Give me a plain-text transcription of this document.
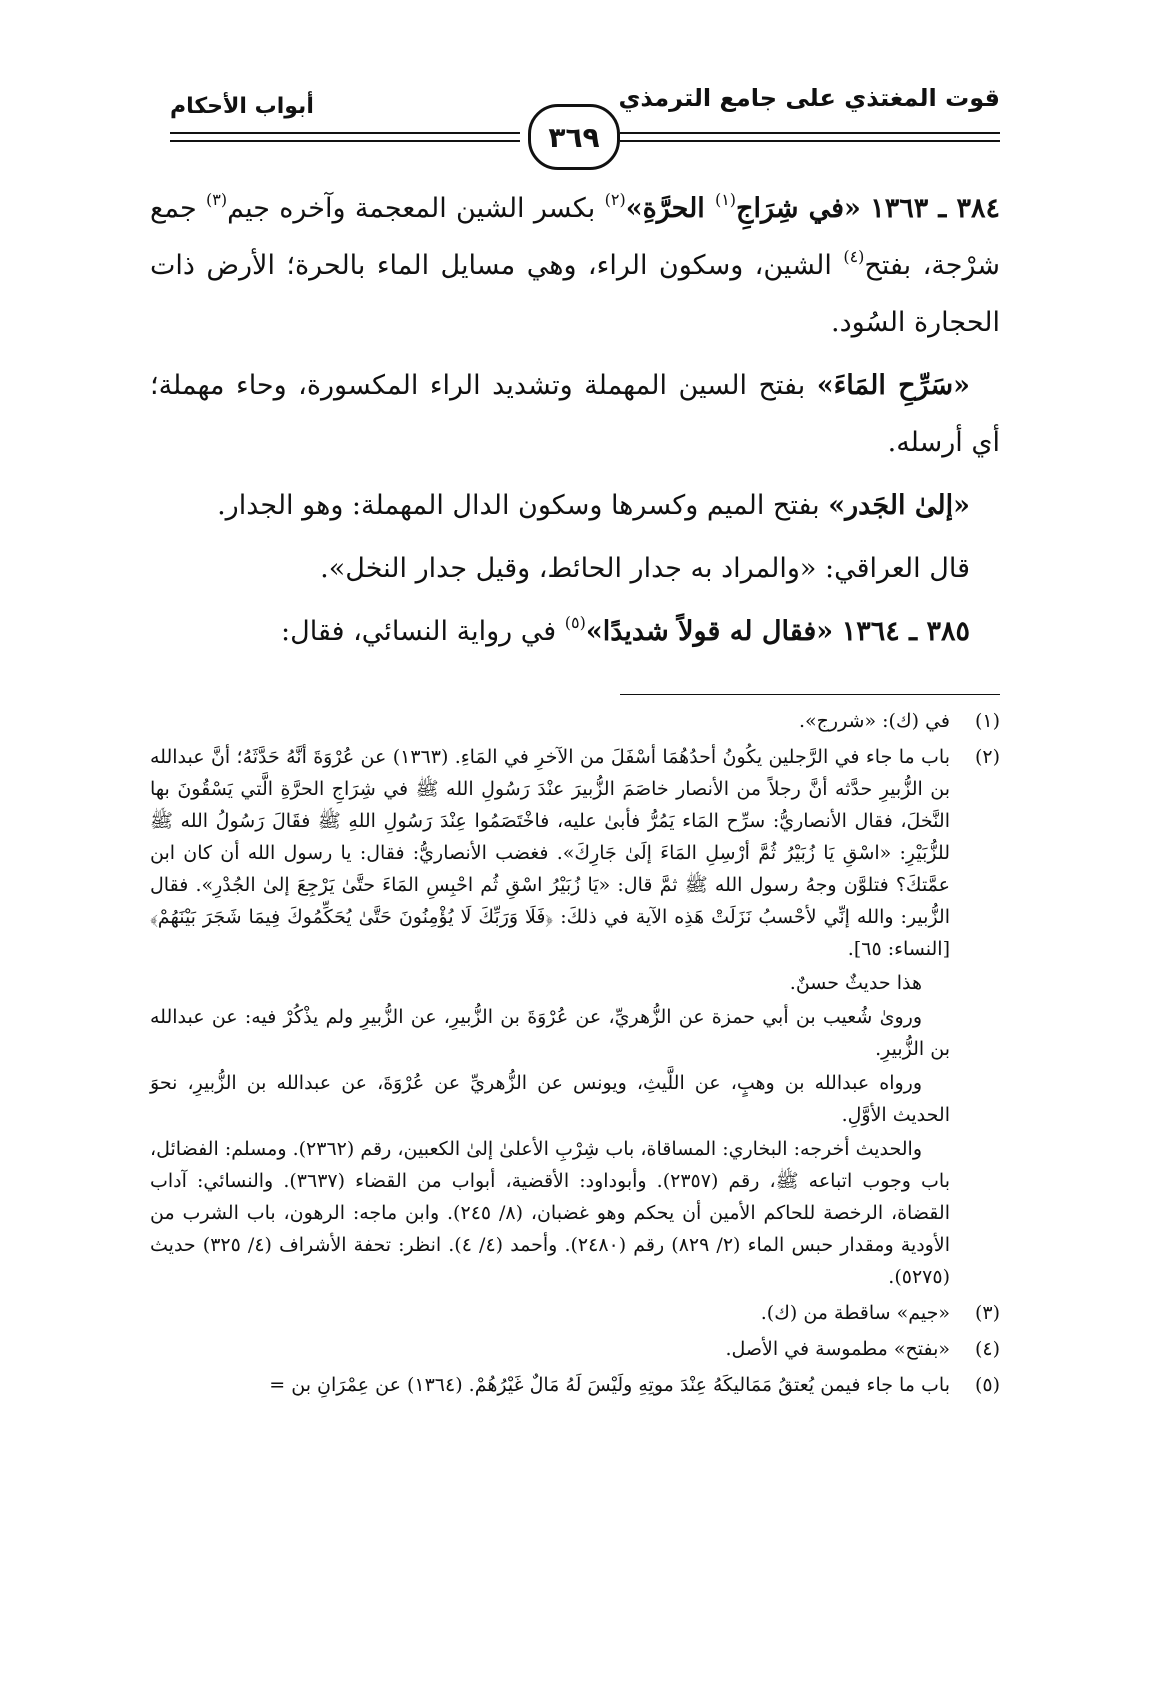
قوت المغتذي على جامع الترمذي
٣٦٩
أبواب الأحكام

٣٨٤ ـ ١٣٦٣ «في شِرَاجِ$^{(١)}$ الحرَّةِ»$^{(٢)}$ بكسر الشين المعجمة وآخره جيم$^{(٣)}$ جمع شرْجة، بفتح$^{(٤)}$ الشين، وسكون الراء، وهي مسايل الماء بالحرة؛ الأرض ذات الحجارة السُود.

«سَرِّحِ المَاءَ» بفتح السين المهملة وتشديد الراء المكسورة، وحاء مهملة؛ أي أرسله.

«إلىٰ الجَدر» بفتح الميم وكسرها وسكون الدال المهملة: وهو الجدار.

قال العراقي: «والمراد به جدار الحائط، وقيل جدار النخل».

٣٨٥ ـ ١٣٦٤ «فقال له قولاً شديدًا»$^{(٥)}$ في رواية النسائي، فقال:

(١)

في (ك): «شررج».

(٢)

باب ما جاء في الرَّجلين يكُونُ أحدُهُمَا أسْفَلَ من الآخرِ في المَاءِ. (١٣٦٣) عن عُرْوَةَ أنَّهُ حَدَّثَهُ؛ أنَّ عبدالله بن الزُّبيرِ حدَّثه أنَّ رجلاً من الأنصار خاصَمَ الزُّبيرَ عنْدَ رَسُولِ الله ﷺ في شِرَاجِ الحرَّةِ الَّتي يَسْقُونَ بها النَّخلَ، فقال الأنصاريُّ: سرِّح المَاء يَمُرُّ فأبىٰ عليه، فاخْتَصَمُوا عِنْدَ رَسُولِ اللهِ ﷺ فقَالَ رَسُولُ الله ﷺ للزُّبَيْرِ: «اسْقِ يَا زُبَيْرُ ثُمَّ أرْسِلِ المَاءَ إلَىٰ جَارِكَ». فغضب الأنصاريُّ: فقال: يا رسول الله أن كان ابن عمَّتكَ؟ فتلوَّن وجهُ رسول الله ﷺ ثمَّ قال: «يَا زُبَيْرُ اسْقِ ثُم احْبِسِ المَاءَ حتَّىٰ يَرْجِعَ إلىٰ الجُدْرِ». فقال الزُّبير: والله إنِّي لأحْسبُ نَزَلَتْ هَذِه الآية في ذلكَ: ﴿فَلَا وَرَبِّكَ لَا يُؤْمِنُونَ حَتَّىٰ يُحَكِّمُوكَ فِيمَا شَجَرَ بَيْنَهُمْ﴾ [النساء: ٦٥].

هذا حديثٌ حسنٌ.

وروىٰ شُعيب بن أبي حمزة عن الزُّهريِّ، عن عُرْوَةَ بن الزُّبيرِ، عن الزُّبيرِ ولم يذْكُرْ فيه: عن عبدالله بن الزُّبيرِ.

ورواه عبدالله بن وهبٍ، عن اللَّيثِ، ويونس عن الزُّهريِّ عن عُرْوَةَ، عن عبدالله بن الزُّبيرِ، نحوَ الحديث الأوَّلِ.

والحديث أخرجه: البخاري: المساقاة، باب شِرْبِ الأعلىٰ إلىٰ الكعبين، رقم (٢٣٦٢). ومسلم: الفضائل، باب وجوب اتباعه ﷺ، رقم (٢٣٥٧). وأبوداود: الأقضية، أبواب من القضاء (٣٦٣٧). والنسائي: آداب القضاة، الرخصة للحاكم الأمين أن يحكم وهو غضبان، (٨/ ٢٤٥). وابن ماجه: الرهون، باب الشرب من الأودية ومقدار حبس الماء (٢/ ٨٢٩) رقم (٢٤٨٠). وأحمد (٤/ ٤). انظر: تحفة الأشراف (٤/ ٣٢٥) حديث (٥٢٧٥).

(٣)

«جيم» ساقطة من (ك).

(٤)

«بفتح» مطموسة في الأصل.

(٥)

باب ما جاء فيمن يُعتقُ مَمَاليكَهُ عِنْدَ موتِهِ ولَيْسَ لَهُ مَالٌ غَيْرُهُمْ. (١٣٦٤) عن عِمْرَانِ بن =
